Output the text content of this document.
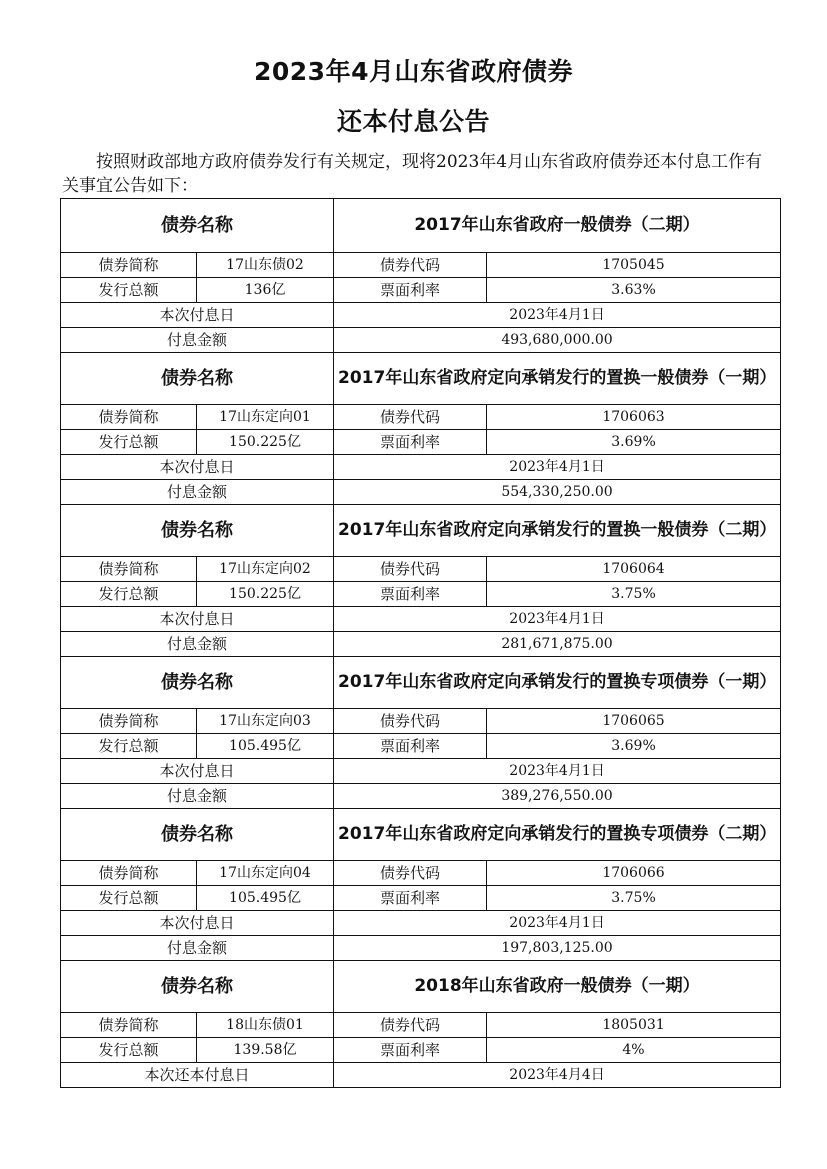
2023年4月山东省政府债券
还本付息公告
按照财政部地方政府债券发行有关规定，现将2023年4月山东省政府债券还本付息工作有关事宜公告如下：
债券名称		2017年山东省政府一般债券（二期）	
债券简称	17山东债02	债券代码	1705045
发行总额	136亿	票面利率	3.63%
本次付息日		2023年4月1日	
付息金额		493,680,000.00	
债券名称		2017年山东省政府定向承销发行的置换一般债券（一期）	
债券简称	17山东定向01	债券代码	1706063
发行总额	150.225亿	票面利率	3.69%
本次付息日		2023年4月1日	
付息金额		554,330,250.00	
债券名称		2017年山东省政府定向承销发行的置换一般债券（二期）	
债券简称	17山东定向02	债券代码	1706064
发行总额	150.225亿	票面利率	3.75%
本次付息日		2023年4月1日	
付息金额		281,671,875.00	
债券名称		2017年山东省政府定向承销发行的置换专项债券（一期）	
债券简称	17山东定向03	债券代码	1706065
发行总额	105.495亿	票面利率	3.69%
本次付息日		2023年4月1日	
付息金额		389,276,550.00	
债券名称		2017年山东省政府定向承销发行的置换专项债券（二期）	
债券简称	17山东定向04	债券代码	1706066
发行总额	105.495亿	票面利率	3.75%
本次付息日		2023年4月1日	
付息金额		197,803,125.00	
债券名称		2018年山东省政府一般债券（一期）	
债券简称	18山东债01	债券代码	1805031
发行总额	139.58亿	票面利率	4%
本次还本付息日		2023年4月4日	
